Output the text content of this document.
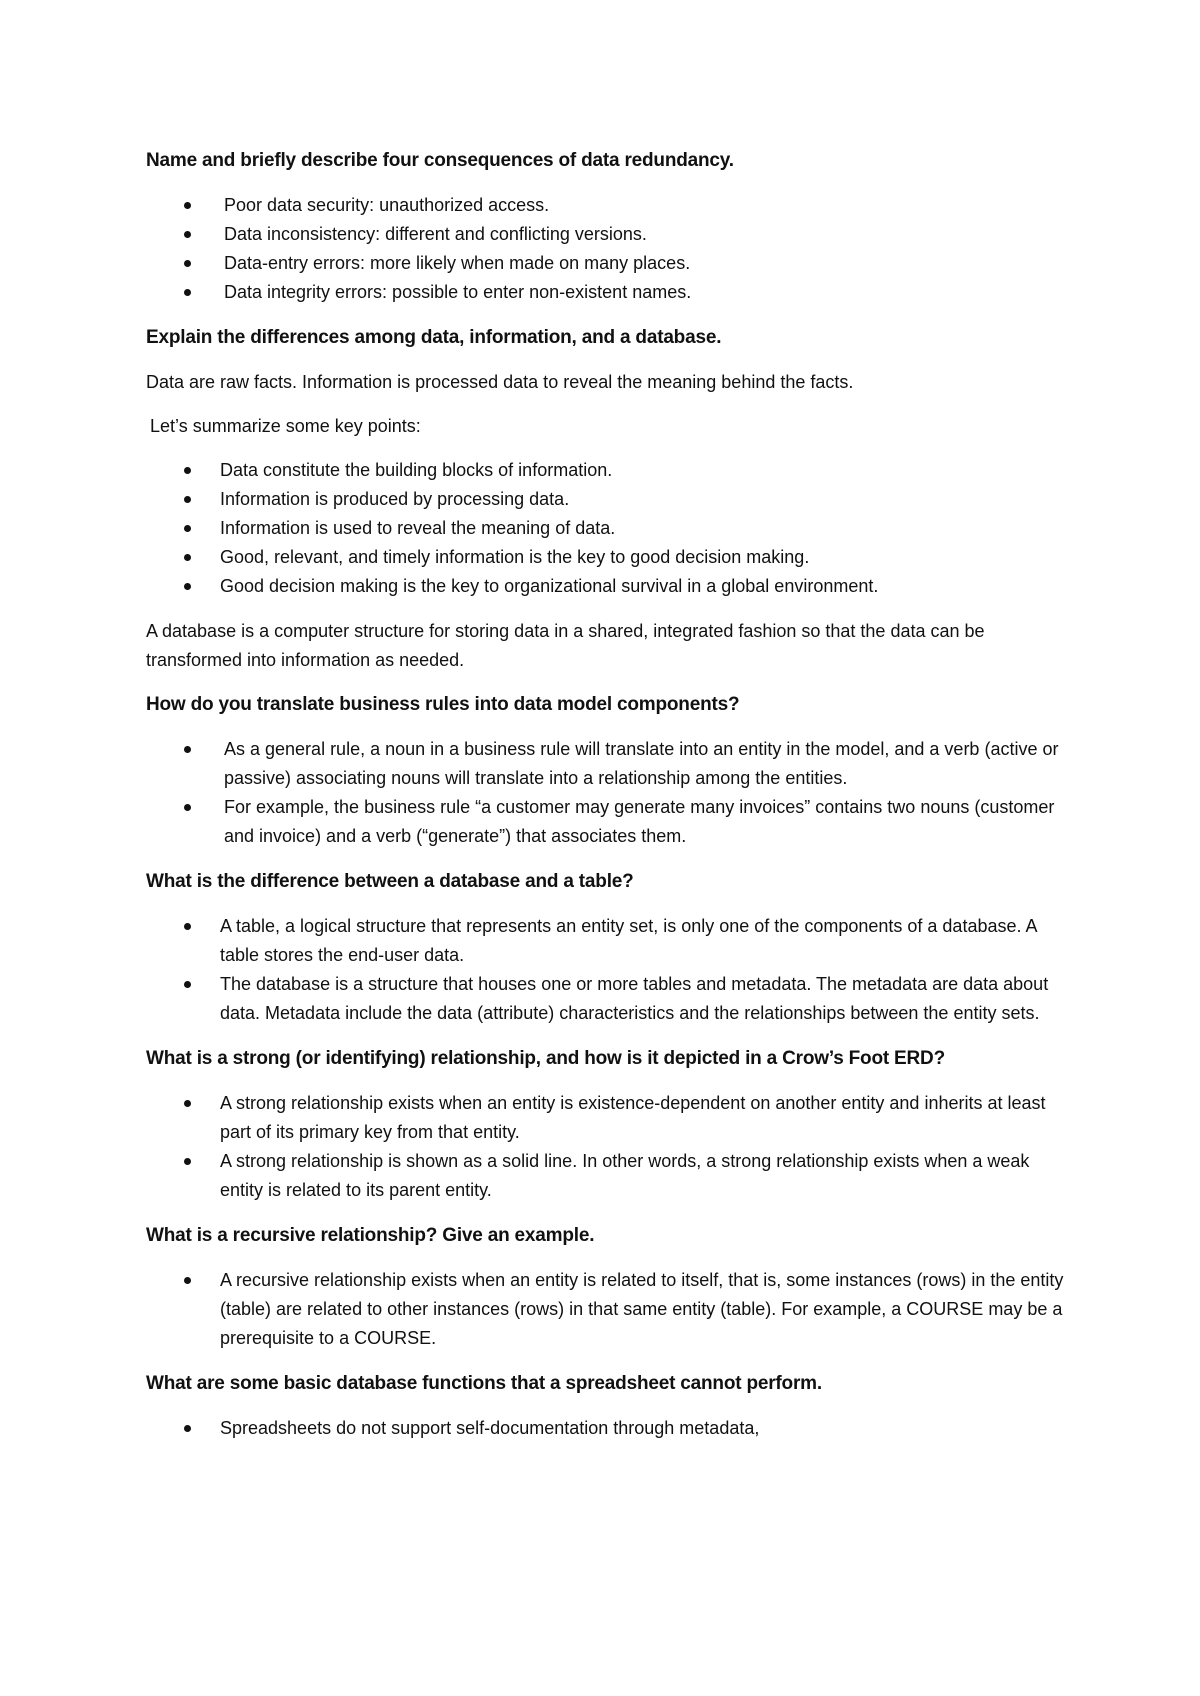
Name and briefly describe four consequences of data redundancy.
Poor data security: unauthorized access.
Data inconsistency: different and conflicting versions.
Data-entry errors: more likely when made on many places.
Data integrity errors: possible to enter non-existent names.
Explain the differences among data, information, and a database.

Data are raw facts. Information is processed data to reveal the meaning behind the facts.

Let’s summarize some key points:

Data constitute the building blocks of information.
Information is produced by processing data.
Information is used to reveal the meaning of data.
Good, relevant, and timely information is the key to good decision making.
Good decision making is the key to organizational survival in a global environment.

A database is a computer structure for storing data in a shared, integrated fashion so that the data can be transformed into information as needed.

How do you translate business rules into data model components?
As a general rule, a noun in a business rule will translate into an entity in the model, and a verb (active or passive) associating nouns will translate into a relationship among the entities.
For example, the business rule “a customer may generate many invoices” contains two nouns (customer and invoice) and a verb (“generate”) that associates them.
What is the difference between a database and a table?
A table, a logical structure that represents an entity set, is only one of the components of a database. A table stores the end-user data.
The database is a structure that houses one or more tables and metadata. The metadata are data about data. Metadata include the data (attribute) characteristics and the relationships between the entity sets.
What is a strong (or identifying) relationship, and how is it depicted in a Crow’s Foot ERD?
A strong relationship exists when an entity is existence-dependent on another entity and inherits at least part of its primary key from that entity.
A strong relationship is shown as a solid line. In other words, a strong relationship exists when a weak entity is related to its parent entity.
What is a recursive relationship? Give an example.
A recursive relationship exists when an entity is related to itself, that is, some instances (rows) in the entity (table) are related to other instances (rows) in that same entity (table). For example, a COURSE may be a prerequisite to a COURSE.
What are some basic database functions that a spreadsheet cannot perform.
Spreadsheets do not support self-documentation through metadata,
